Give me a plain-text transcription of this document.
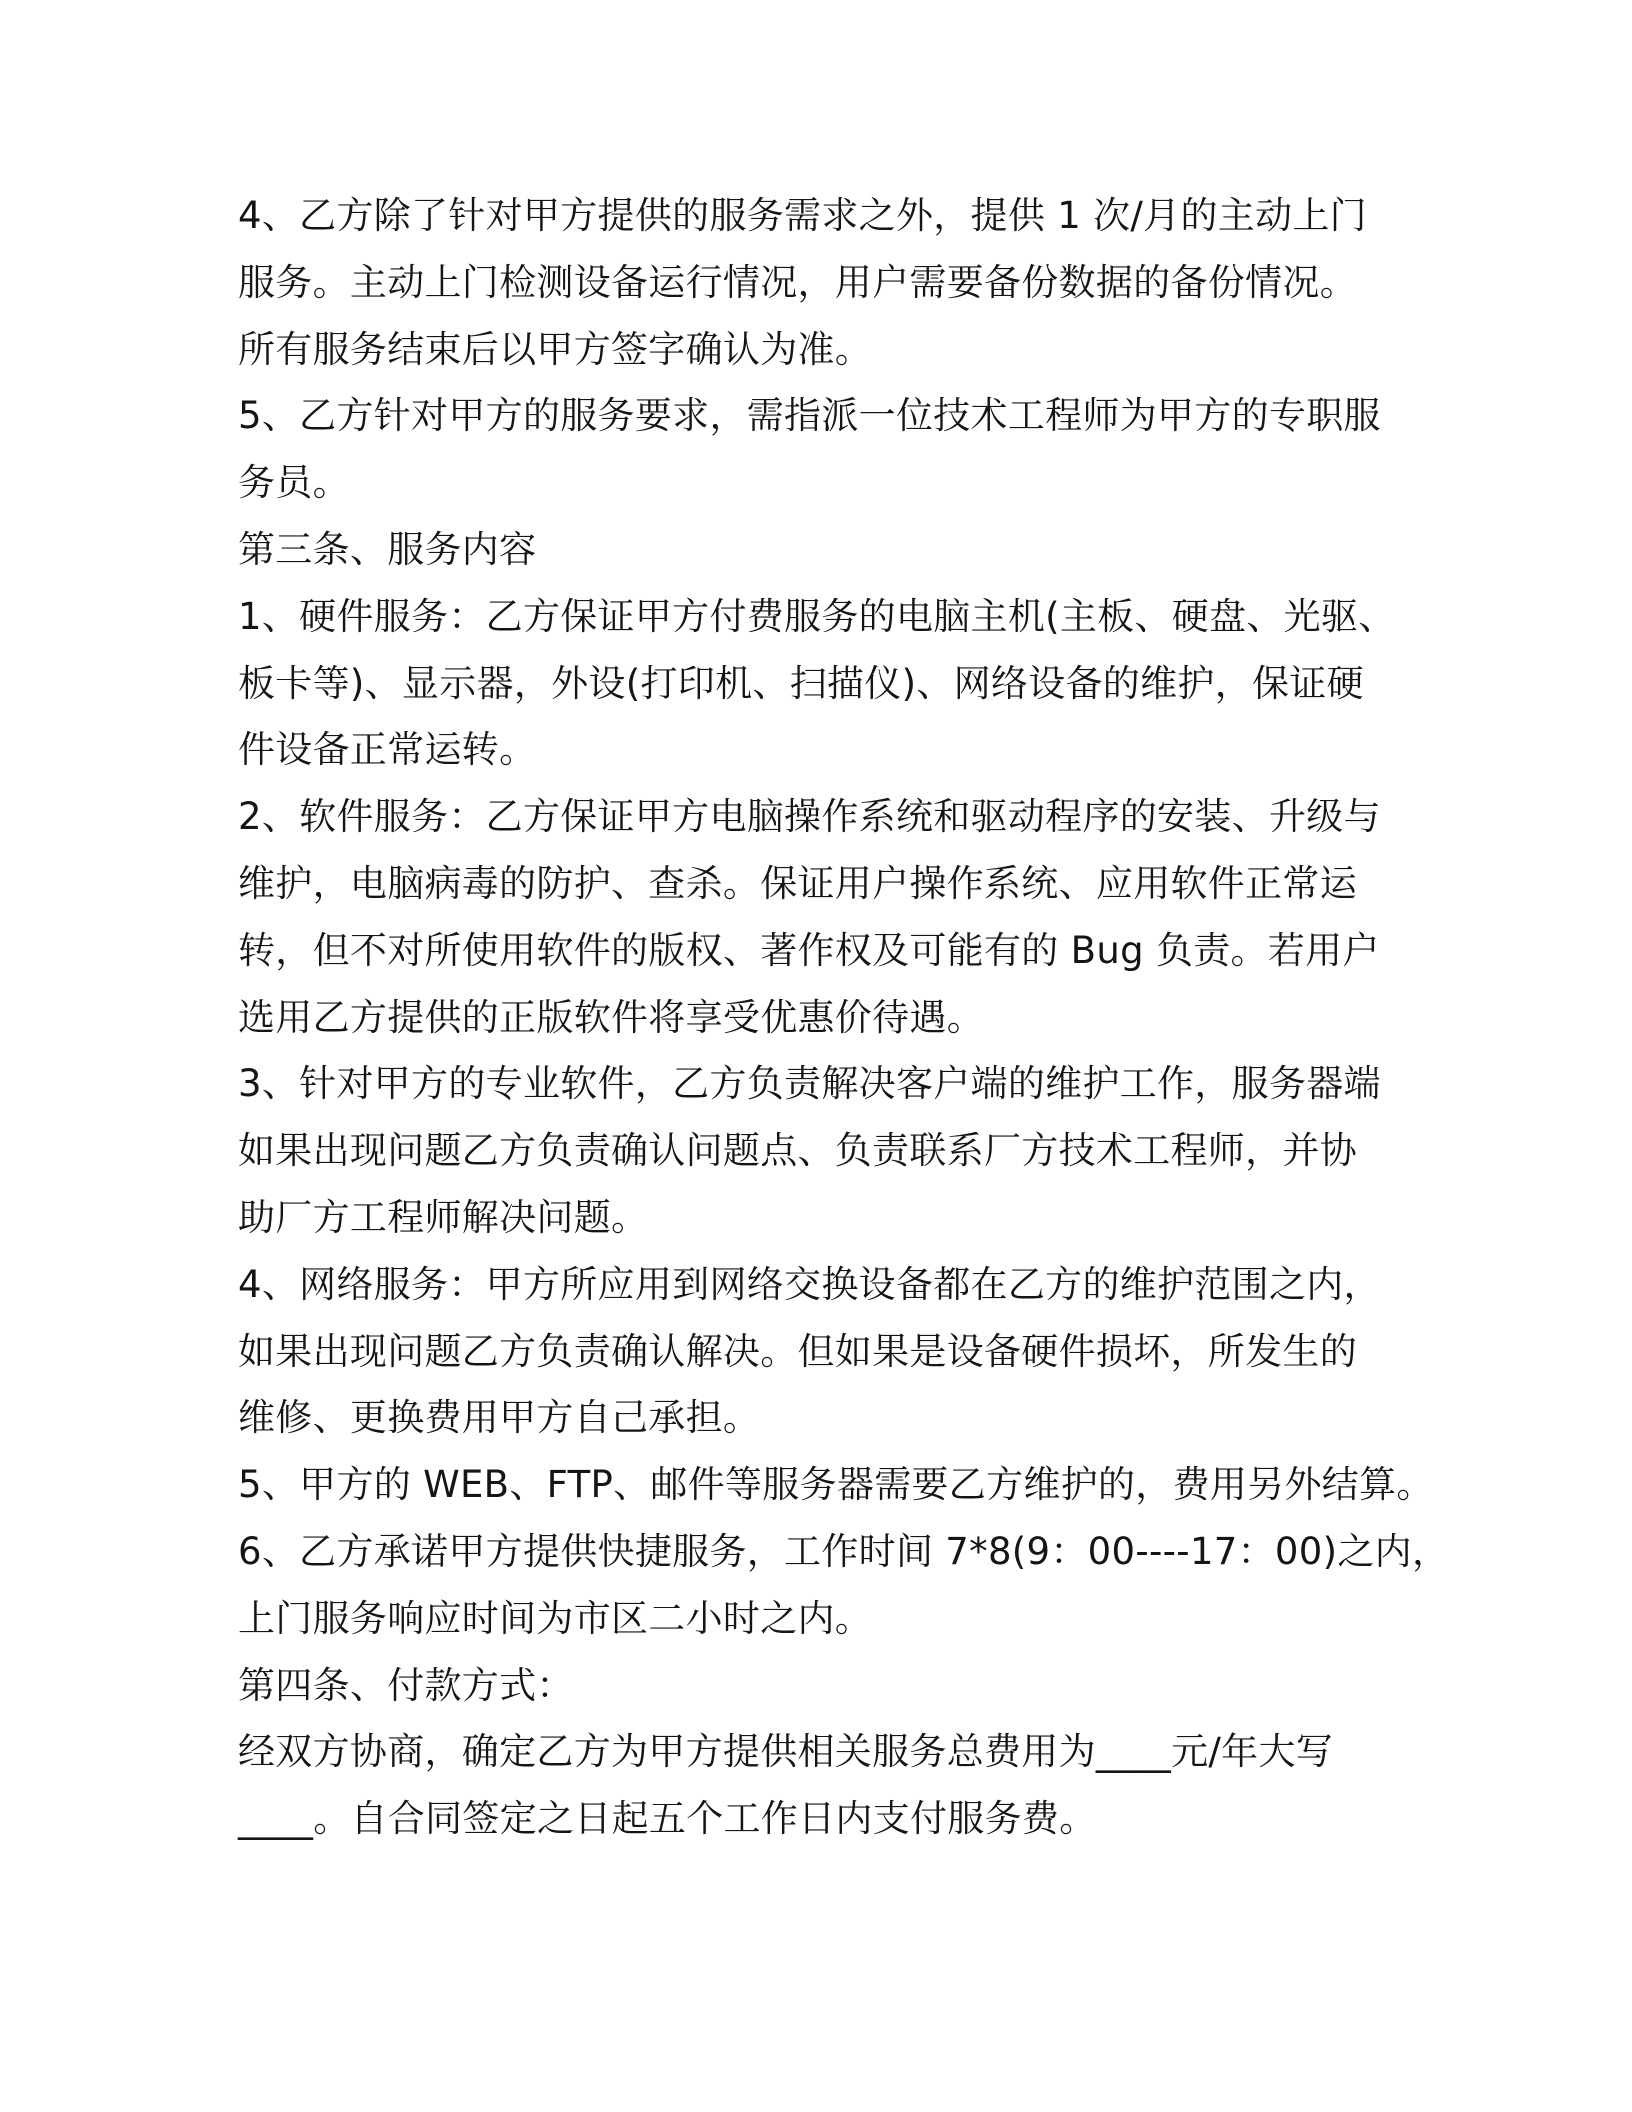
4、乙方除了针对甲方提供的服务需求之外，提供 1 次/月的主动上门
服务。主动上门检测设备运行情况，用户需要备份数据的备份情况。
所有服务结束后以甲方签字确认为准。
5、乙方针对甲方的服务要求，需指派一位技术工程师为甲方的专职服
务员。
第三条、服务内容
1、硬件服务：乙方保证甲方付费服务的电脑主机(主板、硬盘、光驱、
板卡等)、显示器，外设(打印机、扫描仪)、网络设备的维护，保证硬
件设备正常运转。
2、软件服务：乙方保证甲方电脑操作系统和驱动程序的安装、升级与
维护，电脑病毒的防护、查杀。保证用户操作系统、应用软件正常运
转，但不对所使用软件的版权、著作权及可能有的 Bug 负责。若用户
选用乙方提供的正版软件将享受优惠价待遇。
3、针对甲方的专业软件，乙方负责解决客户端的维护工作，服务器端
如果出现问题乙方负责确认问题点、负责联系厂方技术工程师，并协
助厂方工程师解决问题。
4、网络服务：甲方所应用到网络交换设备都在乙方的维护范围之内，
如果出现问题乙方负责确认解决。但如果是设备硬件损坏，所发生的
维修、更换费用甲方自己承担。
5、甲方的 WEB、FTP、邮件等服务器需要乙方维护的，费用另外结算。
6、乙方承诺甲方提供快捷服务，工作时间 7*8(9：00----17：00)之内，
上门服务响应时间为市区二小时之内。
第四条、付款方式：
经双方协商，确定乙方为甲方提供相关服务总费用为____元/年大写
____。自合同签定之日起五个工作日内支付服务费。
